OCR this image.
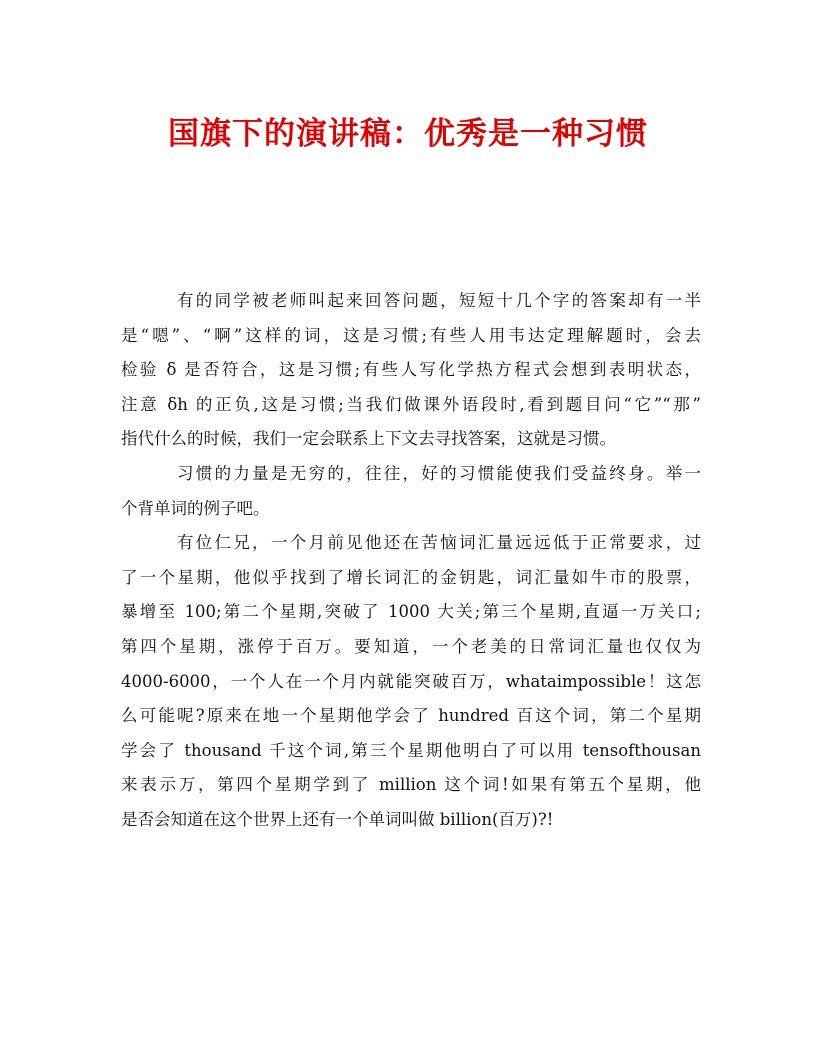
国旗下的演讲稿：优秀是一种习惯
有的同学被老师叫起来回答问题，短短十几个字的答案却有一半
是“嗯”、“啊”这样的词，这是习惯;有些人用韦达定理解题时，会去
检验 δ 是否符合，这是习惯;有些人写化学热方程式会想到表明状态，
注意 δh 的正负,这是习惯;当我们做课外语段时,看到题目问“它”“那”
指代什么的时候，我们一定会联系上下文去寻找答案，这就是习惯。
习惯的力量是无穷的，往往，好的习惯能使我们受益终身。举一
个背单词的例子吧。
有位仁兄，一个月前见他还在苦恼词汇量远远低于正常要求，过
了一个星期，他似乎找到了增长词汇的金钥匙，词汇量如牛市的股票，
暴增至 100;第二个星期,突破了 1000 大关;第三个星期,直逼一万关口;
第四个星期，涨停于百万。要知道，一个老美的日常词汇量也仅仅为
4000-6000，一个人在一个月内就能突破百万，whataimpossible！这怎
么可能呢?原来在地一个星期他学会了 hundred 百这个词，第二个星期
学会了 thousand 千这个词,第三个星期他明白了可以用 tensofthousan
来表示万，第四个星期学到了 million 这个词!如果有第五个星期，他
是否会知道在这个世界上还有一个单词叫做 billion(百万)?!
